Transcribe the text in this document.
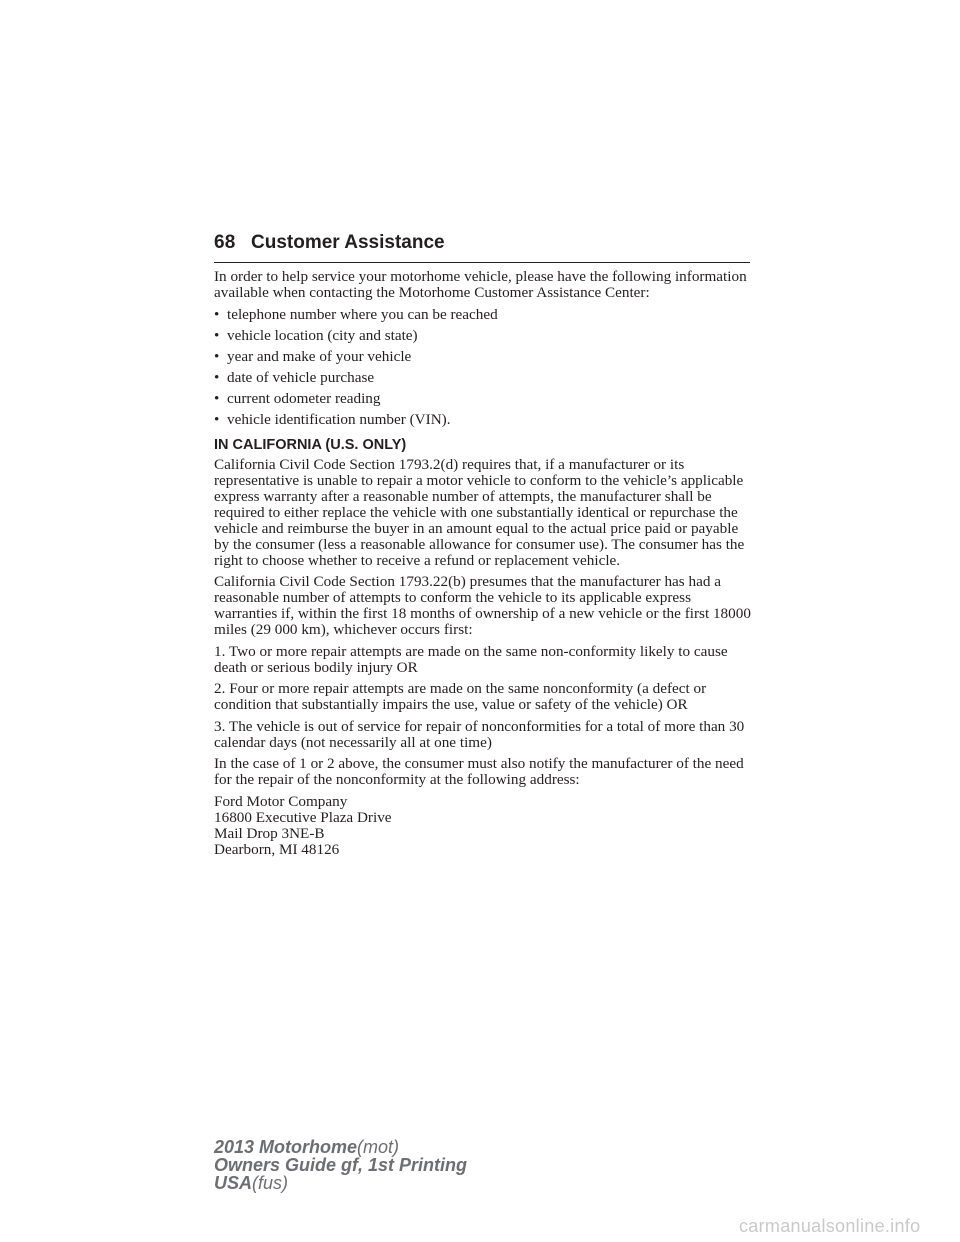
68 Customer Assistance

In order to help service your motorhome vehicle, please have the following information available when contacting the Motorhome Customer Assistance Center:

• telephone number where you can be reached
• vehicle location (city and state)
• year and make of your vehicle
• date of vehicle purchase
• current odometer reading
• vehicle identification number (VIN).
IN CALIFORNIA (U.S. ONLY)

California Civil Code Section 1793.2(d) requires that, if a manufacturer or its representative is unable to repair a motor vehicle to conform to the vehicle’s applicable express warranty after a reasonable number of attempts, the manufacturer shall be required to either replace the vehicle with one substantially identical or repurchase the vehicle and reimburse the buyer in an amount equal to the actual price paid or payable by the consumer (less a reasonable allowance for consumer use). The consumer has the right to choose whether to receive a refund or replacement vehicle.

California Civil Code Section 1793.22(b) presumes that the manufacturer has had a reasonable number of attempts to conform the vehicle to its applicable express warranties if, within the first 18 months of ownership of a new vehicle or the first 18000 miles (29 000 km), whichever occurs first:

1. Two or more repair attempts are made on the same non-conformity likely to cause death or serious bodily injury OR

2. Four or more repair attempts are made on the same nonconformity (a defect or condition that substantially impairs the use, value or safety of the vehicle) OR

3. The vehicle is out of service for repair of nonconformities for a total of more than 30 calendar days (not necessarily all at one time)

In the case of 1 or 2 above, the consumer must also notify the manufacturer of the need for the repair of the nonconformity at the following address:

Ford Motor Company
16800 Executive Plaza Drive
Mail Drop 3NE-B
Dearborn, MI 48126

2013 Motorhome(mot)
Owners Guide gf, 1st Printing
USA(fus)
carmanualsonline.info
